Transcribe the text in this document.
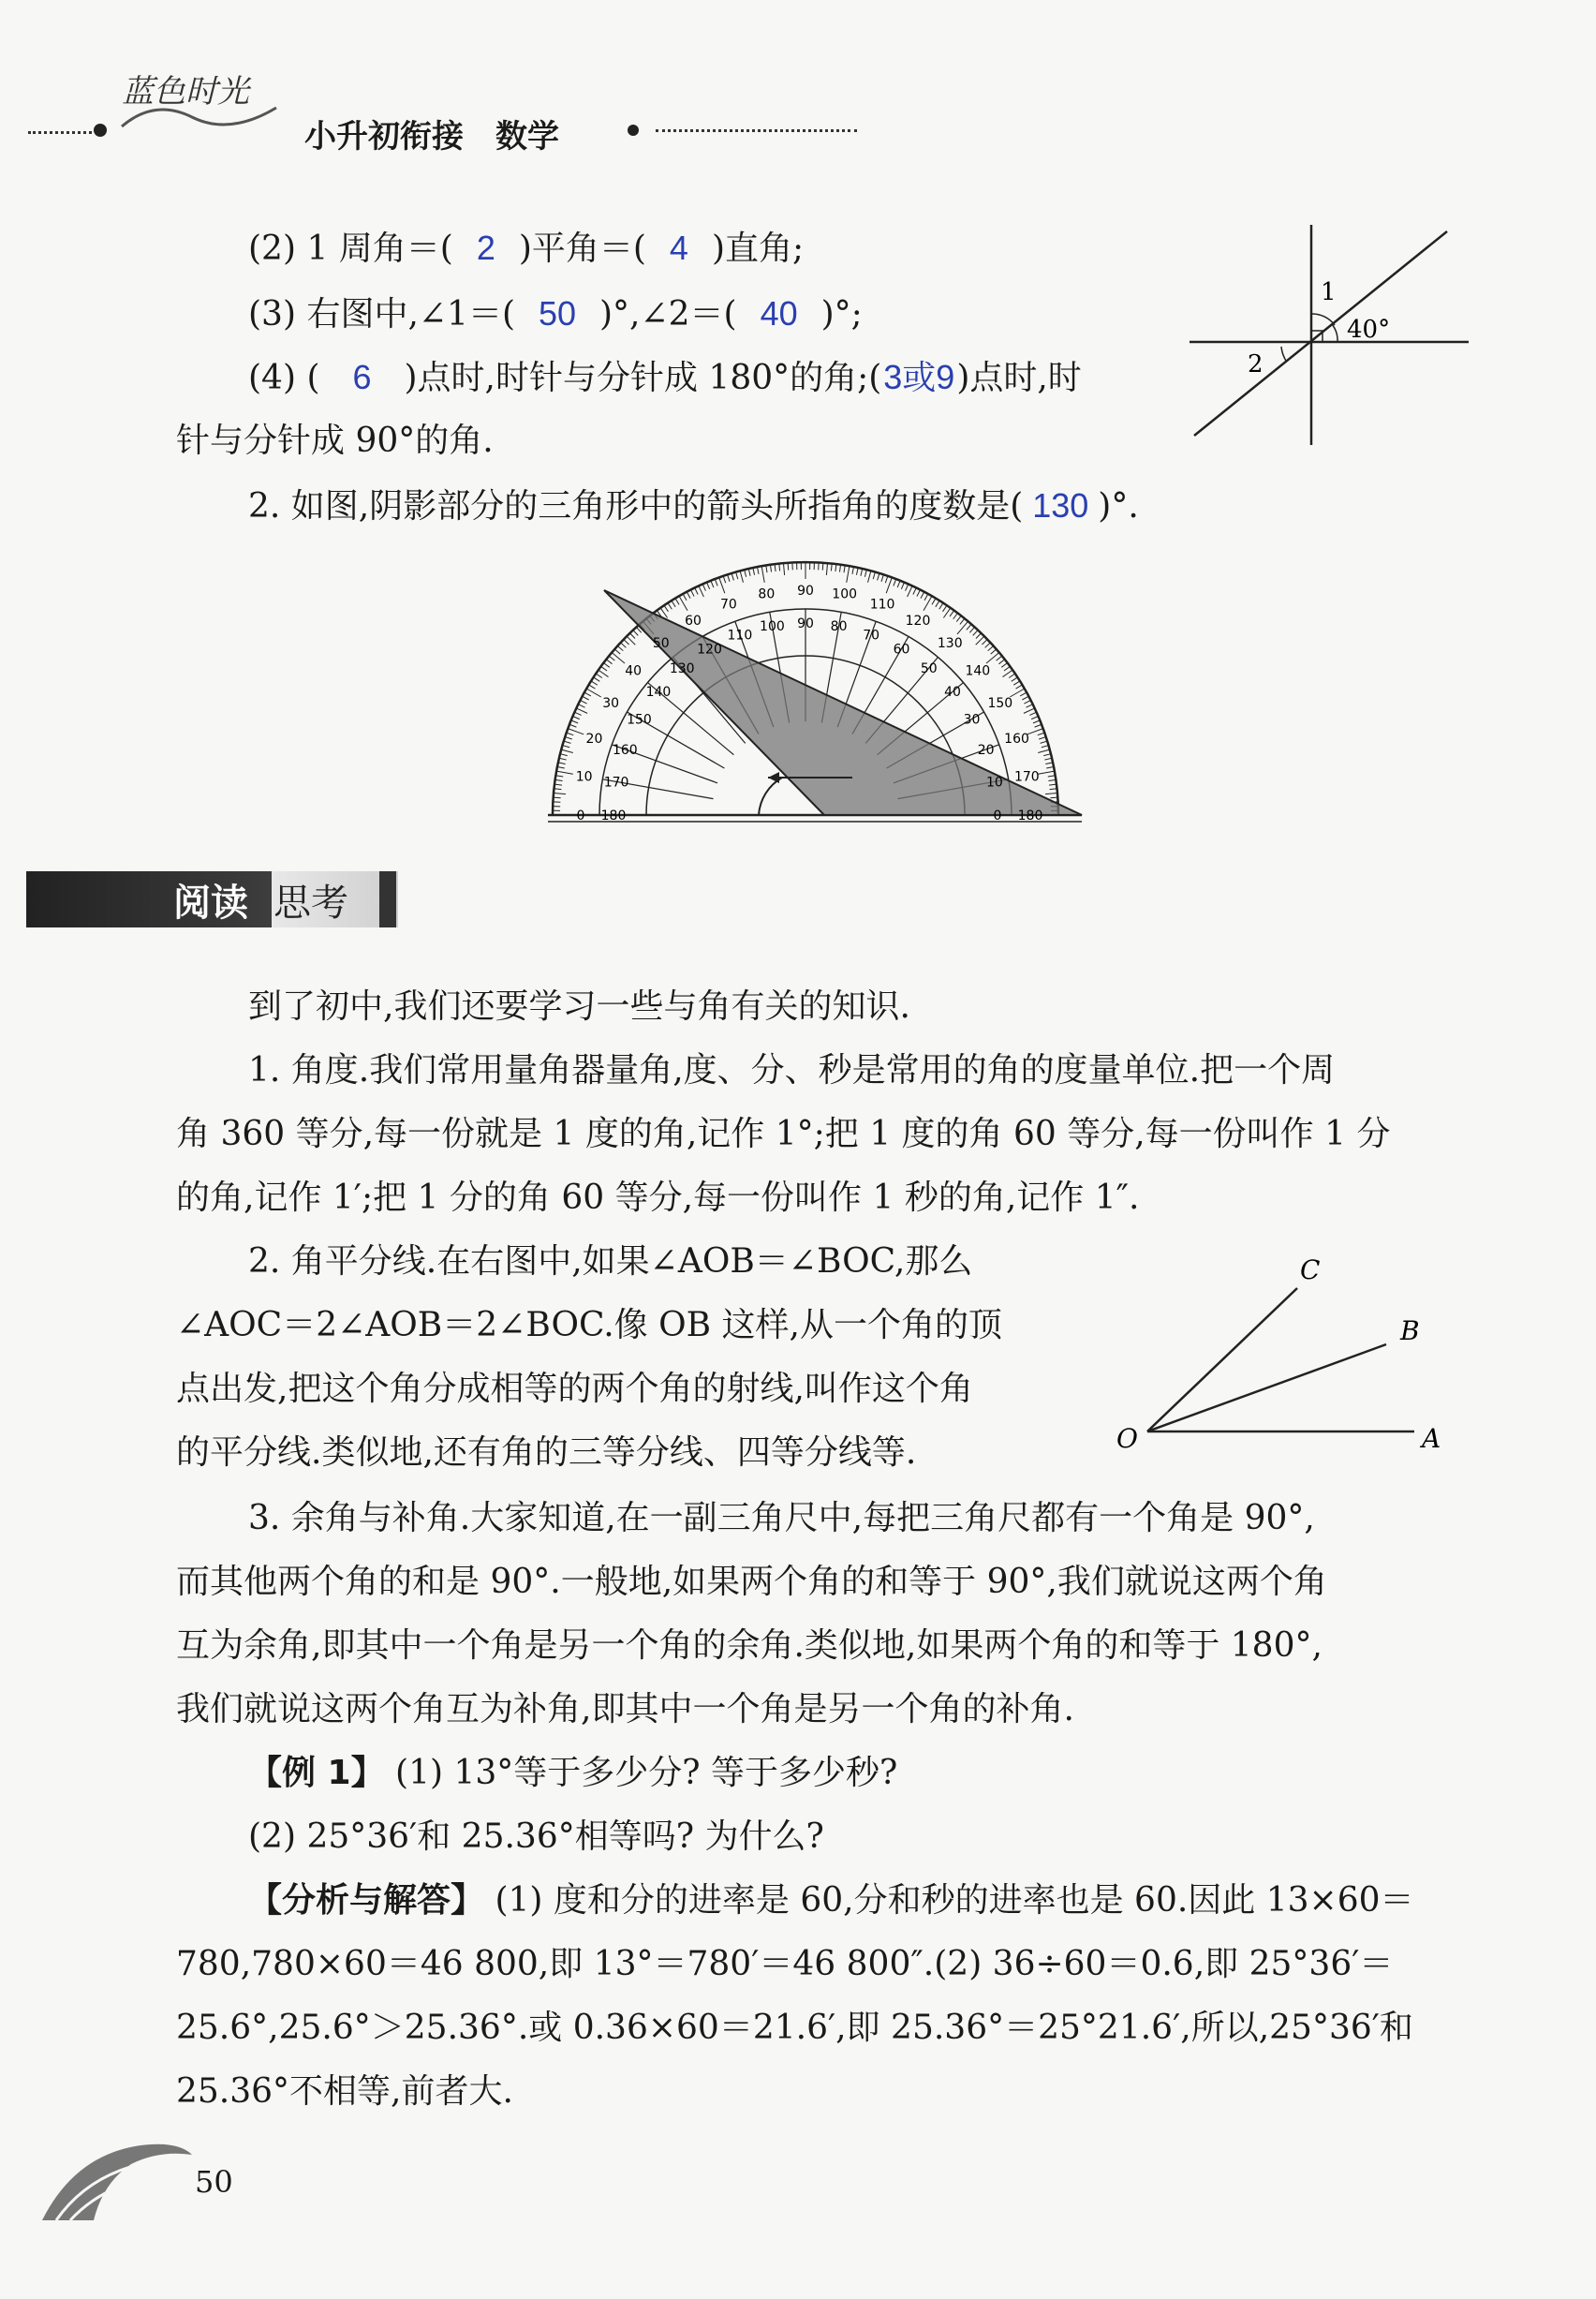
蓝色时光
小升初衔接　数学
(2) 1 周角＝( 2 )平角＝( 4 )直角;
(3) 右图中,∠1＝( 50 )°,∠2＝( 40 )°;
(4) ( 6 )点时,时针与分针成 180°的角;(3或9)点时,时
针与分针成 90°的角.
1
40°
2
2. 如图,阴影部分的三角形中的箭头所指角的度数是( 130 )°.
0 180
10 170
20
160
30
150
40
140
50
130
60
120
70
110
80
100
90
90
100
80
110
70
120
60 130
50 140
40
150
30
160
20
170
10
180
0
阅读 思考
到了初中,我们还要学习一些与角有关的知识.
1. 角度.我们常用量角器量角,度、分、秒是常用的角的度量单位.把一个周
角 360 等分,每一份就是 1 度的角,记作 1°;把 1 度的角 60 等分,每一份叫作 1 分
的角,记作 1′;把 1 分的角 60 等分,每一份叫作 1 秒的角,记作 1″.
2. 角平分线.在右图中,如果∠AOB＝∠BOC,那么
∠AOC＝2∠AOB＝2∠BOC.像 OB 这样,从一个角的顶
点出发,把这个角分成相等的两个角的射线,叫作这个角
的平分线.类似地,还有角的三等分线、四等分线等.
C
B
O	A
3. 余角与补角.大家知道,在一副三角尺中,每把三角尺都有一个角是 90°,
而其他两个角的和是 90°.一般地,如果两个角的和等于 90°,我们就说这两个角
互为余角,即其中一个角是另一个角的余角.类似地,如果两个角的和等于 180°,
我们就说这两个角互为补角,即其中一个角是另一个角的补角.
【例 1】 (1) 13°等于多少分? 等于多少秒?
(2) 25°36′和 25.36°相等吗? 为什么?
【分析与解答】 (1) 度和分的进率是 60,分和秒的进率也是 60.因此 13×60＝
780,780×60＝46 800,即 13°＝780′＝46 800″.(2) 36÷60＝0.6,即 25°36′＝
25.6°,25.6°＞25.36°.或 0.36×60＝21.6′,即 25.36°＝25°21.6′,所以,25°36′和
25.36°不相等,前者大.
50
